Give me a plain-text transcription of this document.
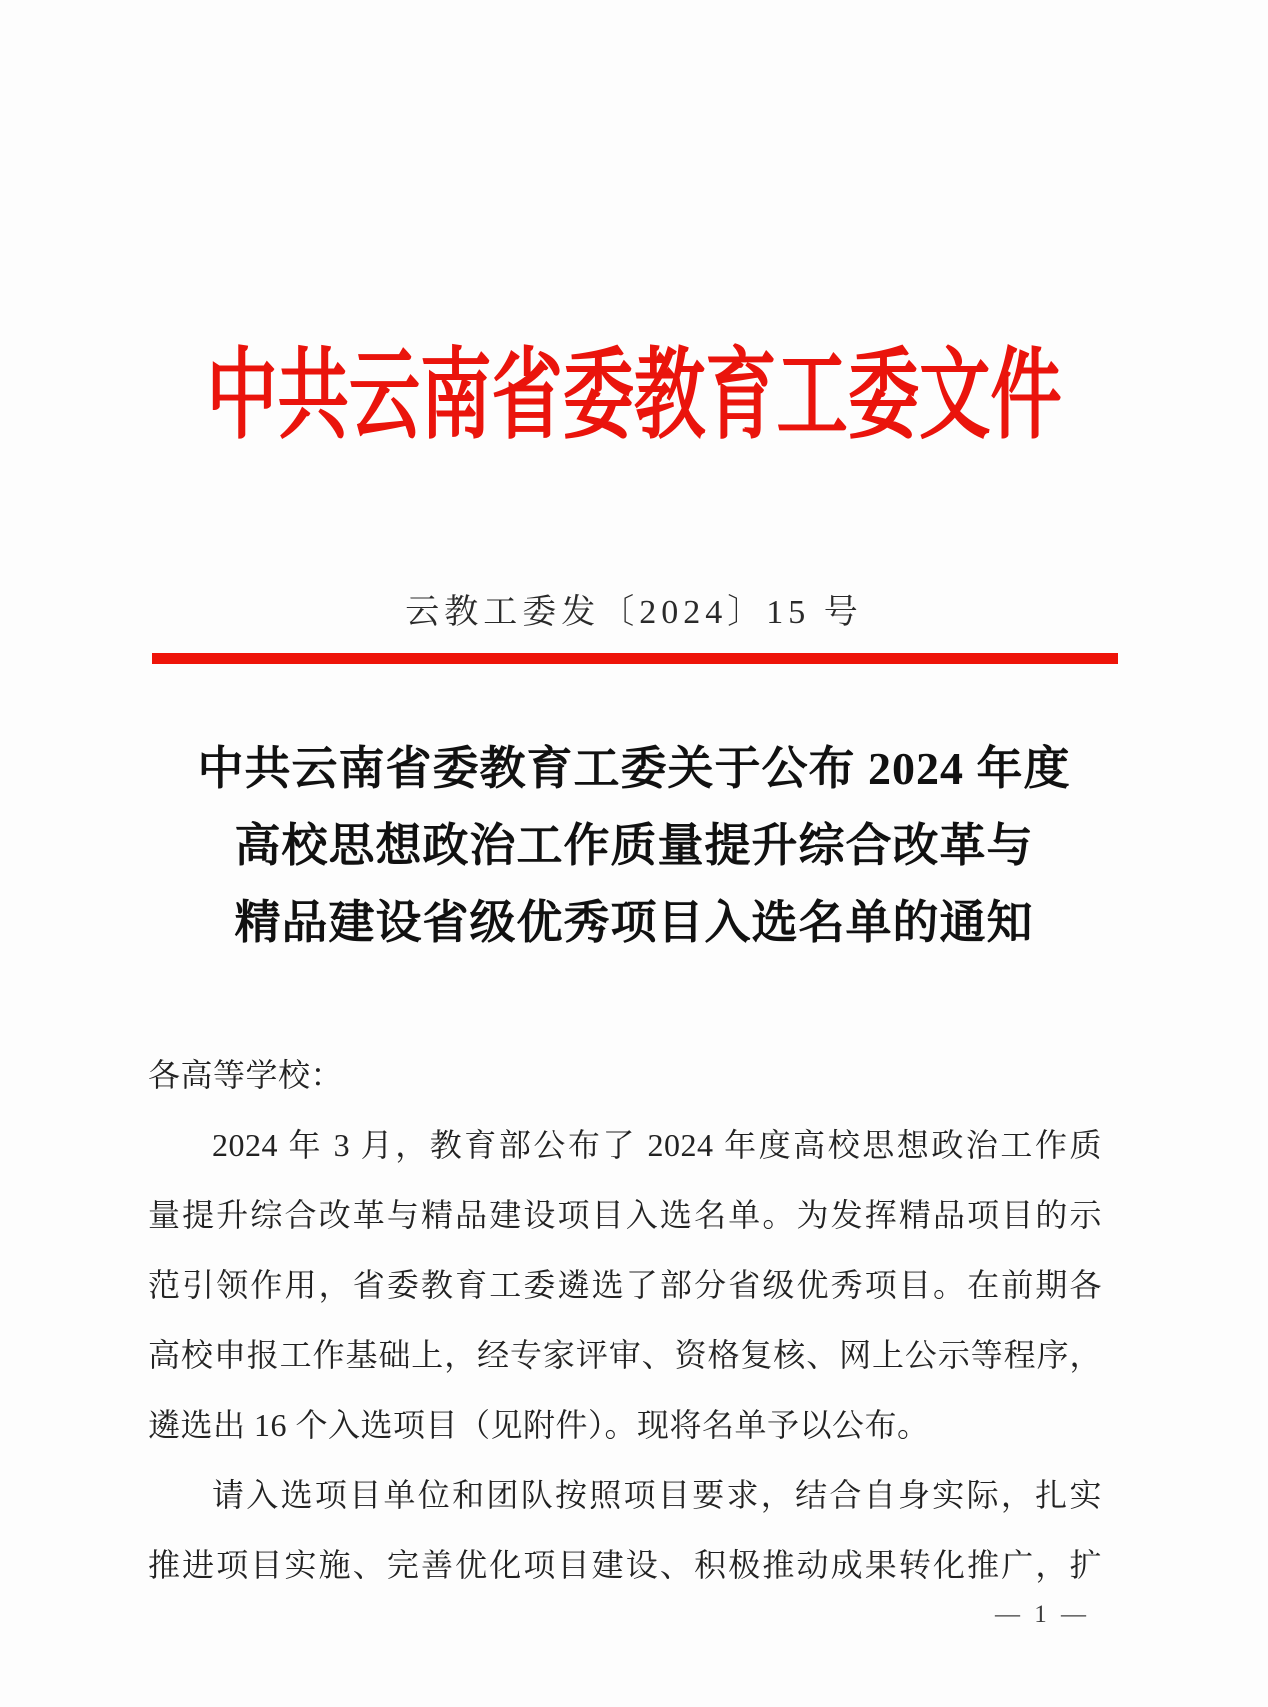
中共云南省委教育工委文件
云教工委发〔2024〕15 号
中共云南省委教育工委关于公布 2024 年度
高校思想政治工作质量提升综合改革与
精品建设省级优秀项目入选名单的通知
各高等学校：
2024 年 3 月，教育部公布了 2024 年度高校思想政治工作质
量提升综合改革与精品建设项目入选名单。为发挥精品项目的示
范引领作用，省委教育工委遴选了部分省级优秀项目。在前期各
高校申报工作基础上，经专家评审、资格复核、网上公示等程序，
遴选出 16 个入选项目（见附件）。现将名单予以公布。
请入选项目单位和团队按照项目要求，结合自身实际，扎实
推进项目实施、完善优化项目建设、积极推动成果转化推广，扩
— 1 —
